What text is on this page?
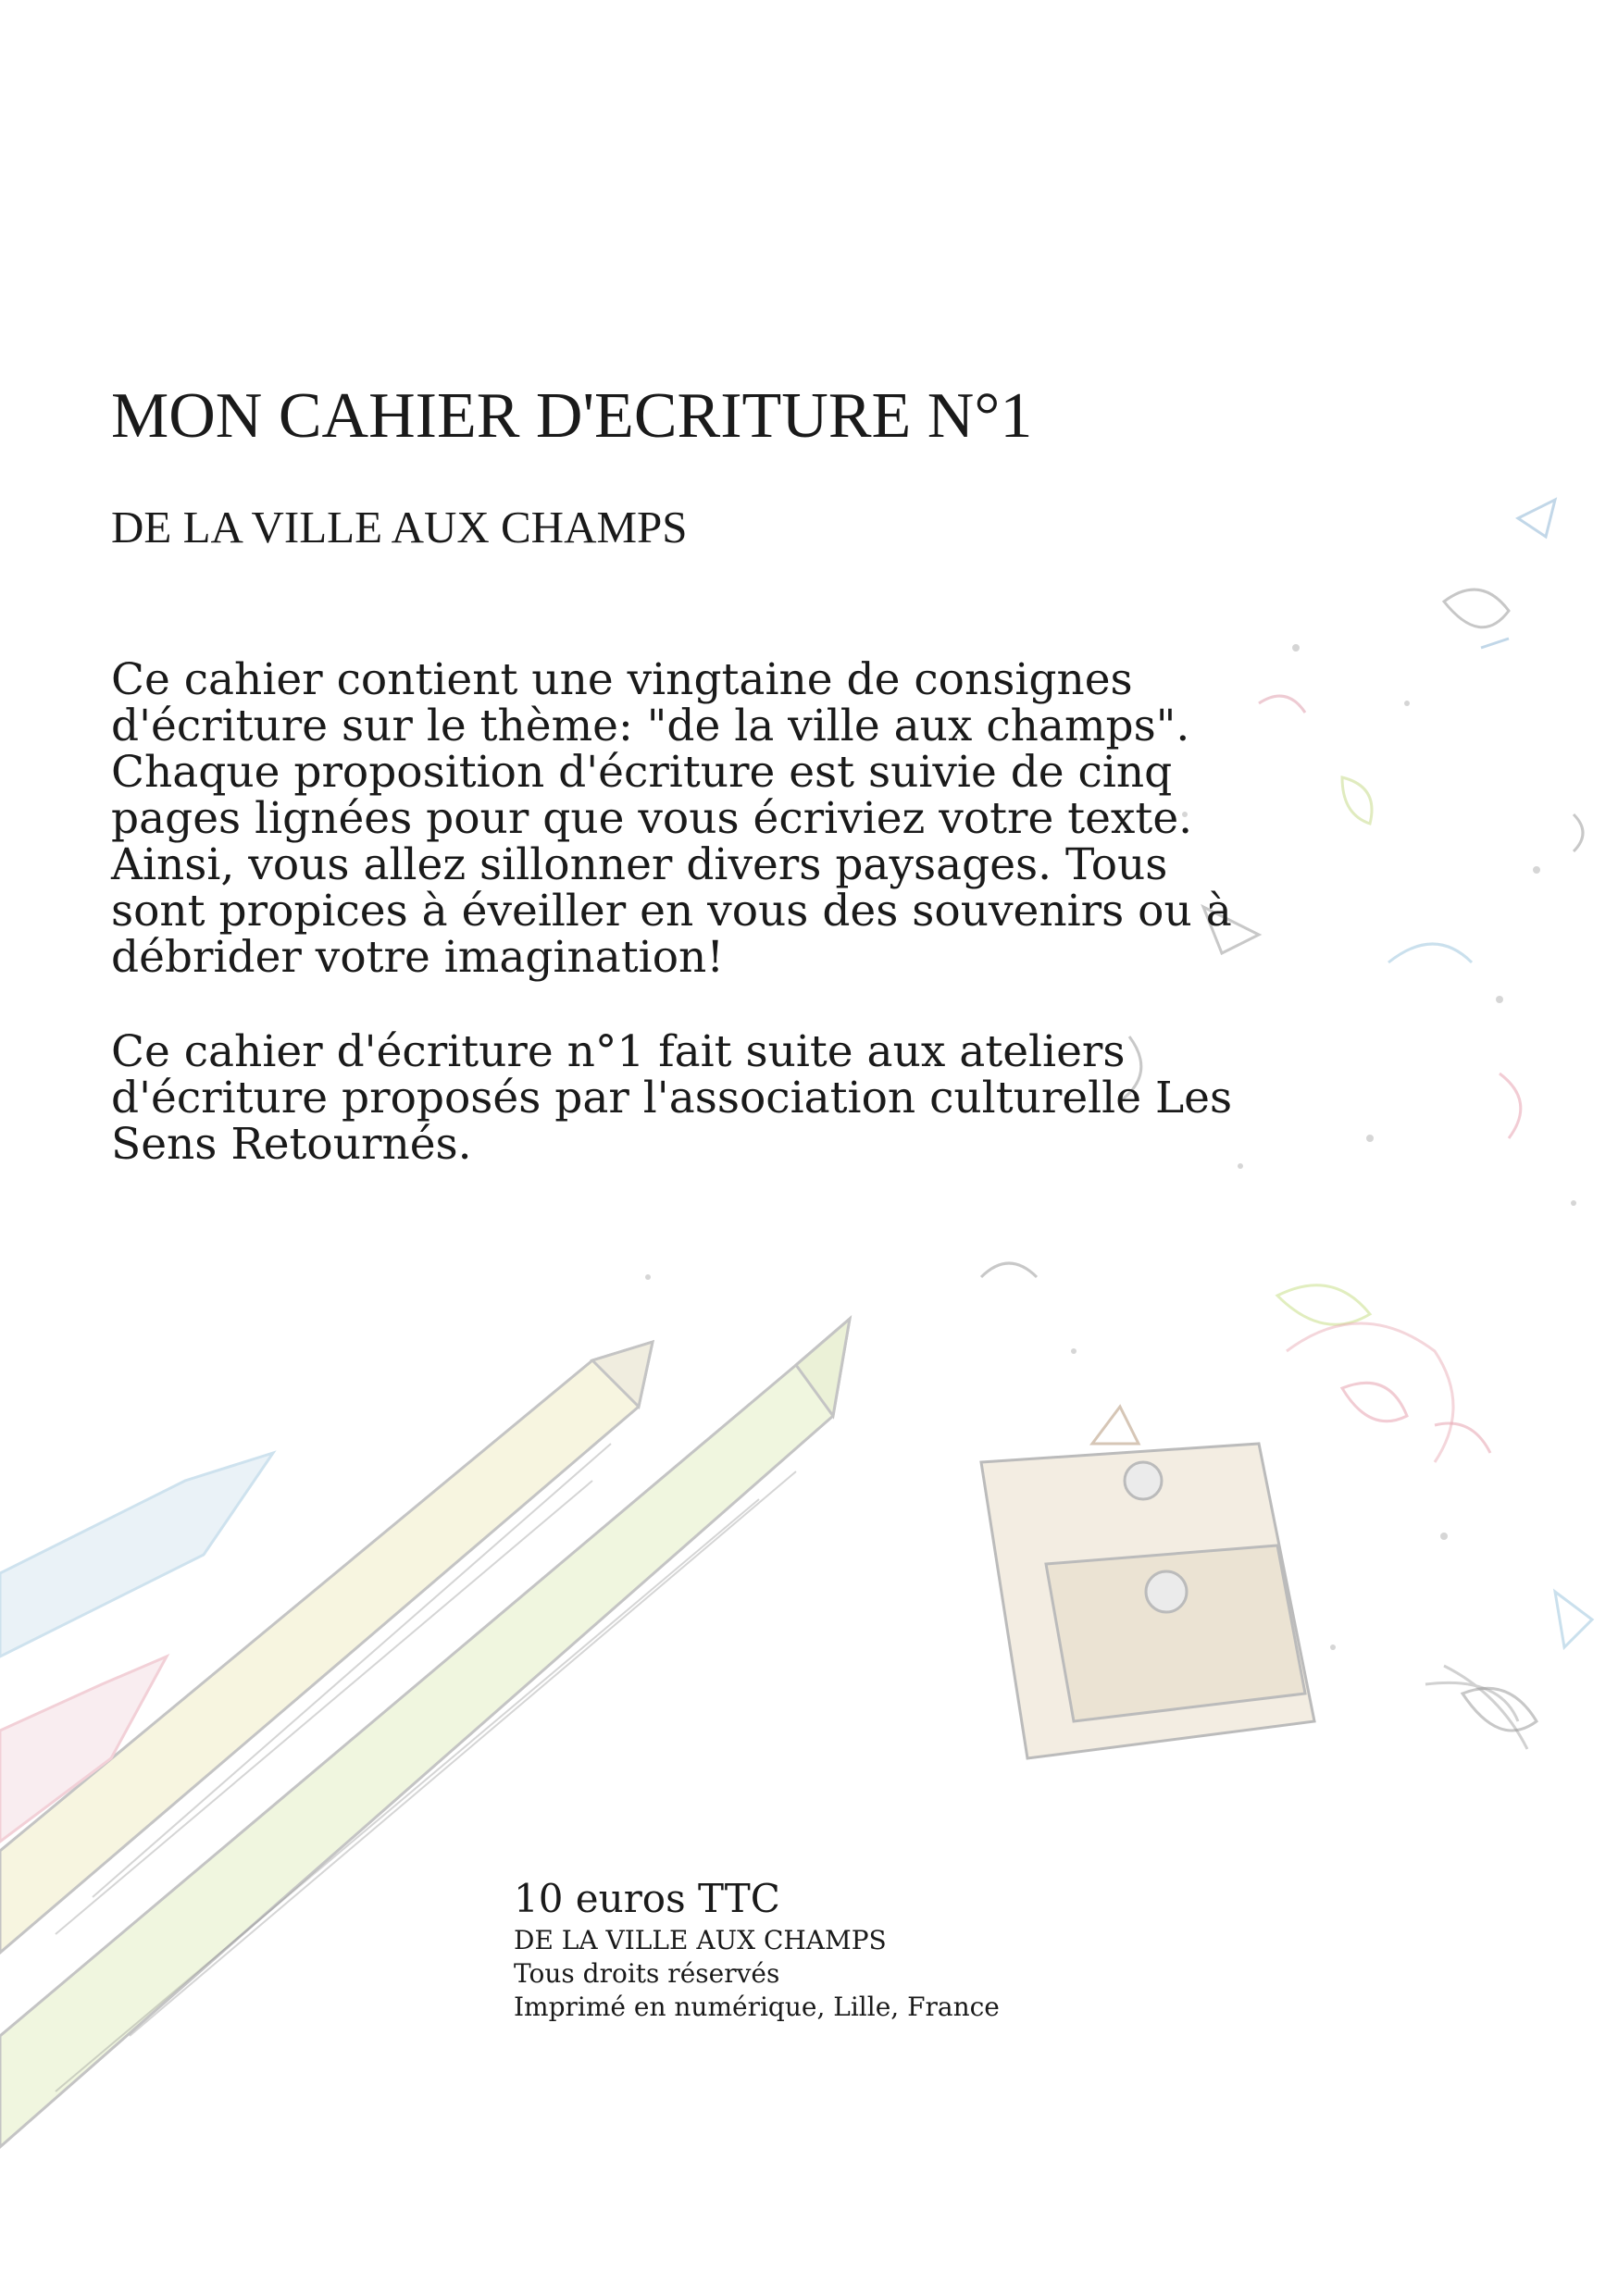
MON CAHIER D'ECRITURE N°1
DE LA VILLE AUX CHAMPS

Ce cahier contient une vingtaine de consignes d'écriture sur le thème: "de la ville aux champs". Chaque proposition d'écriture est suivie de cinq pages lignées pour que vous écriviez votre texte. Ainsi, vous allez sillonner divers paysages. Tous sont propices à éveiller en vous des souvenirs ou à débrider votre imagination!

Ce cahier d'écriture n°1 fait suite aux ateliers d'écriture proposés par l'association culturelle Les Sens Retournés.

10 euros TTC
DE LA VILLE AUX CHAMPS
Tous droits réservés
Imprimé en numérique, Lille, France
